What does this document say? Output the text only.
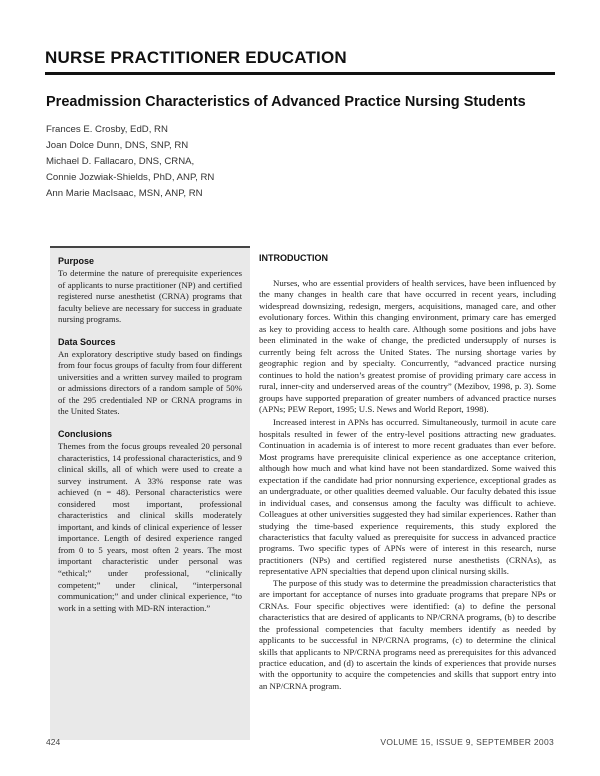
NURSE PRACTITIONER EDUCATION
Preadmission Characteristics of Advanced Practice Nursing Students
Frances E. Crosby, EdD, RN
Joan Dolce Dunn, DNS, SNP, RN
Michael D. Fallacaro, DNS, CRNA,
Connie Jozwiak-Shields, PhD, ANP, RN
Ann Marie MacIsaac, MSN, ANP, RN
Purpose

To determine the nature of prerequisite experiences of applicants to nurse practitioner (NP) and certified registered nurse anesthetist (CRNA) programs that faculty believe are necessary for success in graduate nursing programs.

Data Sources

An exploratory descriptive study based on findings from four focus groups of faculty from four different universities and a written survey mailed to program or admissions directors of a random sample of 50% of the 295 credentialed NP or CRNA programs in the United States.

Conclusions

Themes from the focus groups revealed 20 personal characteristics, 14 professional characteristics, and 9 clinical skills, all of which were used to create a survey instrument. A 33% response rate was achieved (n = 48). Personal characteristics were considered most important, professional characteristics and clinical skills moderately important, and kinds of clinical experience of lesser importance. Length of desired experience ranged from 0 to 5 years, most often 2 years. The most important characteristic under personal was “ethical;” under professional, “clinically competent;” under clinical, “interpersonal communication;” and under clinical experience, “to work in a setting with MD-RN interaction.”

INTRODUCTION

Nurses, who are essential providers of health services, have been influenced by the many changes in health care that have occurred in recent years, including widespread downsizing, redesign, mergers, acquisitions, managed care, and other evolutionary forces. Within this changing environment, primary care has emerged as key to providing access to health care. Although some positions and jobs have been eliminated in the wake of change, the predicted undersupply of nurses is currently being felt across the United States. The nursing shortage varies by geographic region and by specialty. Concurrently, “advanced practice nursing continues to hold the nation’s greatest promise of providing primary care access in rural, inner-city and underserved areas of the country” (Mezibov, 1998, p. 3). Some groups have supported preparation of greater numbers of advanced practice nurses (APNs; PEW Report, 1995; U.S. News and World Report, 1998).

Increased interest in APNs has occurred. Simultaneously, turmoil in acute care hospitals resulted in fewer of the entry-level positions attracting new graduates. Continuation in academia is of interest to more recent graduates than ever before. Most programs have prerequisite clinical experience as one acceptance criterion, although how much and what kind have not been standardized. Some waived this expectation if the candidate had prior nonnursing experience, exceptional grades as an undergraduate, or other qualities deemed valuable. Our faculty debated this issue in individual cases, and consensus among the faculty was difficult to achieve. Colleagues at other universities suggested they had similar experiences. Rather than studying the time-based experience requirements, this study explored the characteristics that faculty valued as prerequisite for success in advanced practice programs. Two specific types of APNs were of interest in this research, nurse practitioners (NPs) and certified registered nurse anesthetists (CRNAs), as representative APN specialties that depend upon clinical nursing skills.

The purpose of this study was to determine the preadmission characteristics that are important for acceptance of nurses into graduate programs that prepare NPs or CRNAs. Four specific objectives were identified: (a) to define the personal characteristics that are desired of applicants to NP/CRNA programs, (b) to describe the professional competencies that faculty members identify as needed by applicants to be successful in NP/CRNA programs, (c) to determine the clinical skills that applicants to NP/CRNA programs need as prerequisites for this advanced practice education, and (d) to ascertain the kinds of experiences that provide nurses with the opportunity to acquire the competencies and skills that support entry into an NP/CRNA program.

424	VOLUME 15, ISSUE 9, SEPTEMBER 2003
